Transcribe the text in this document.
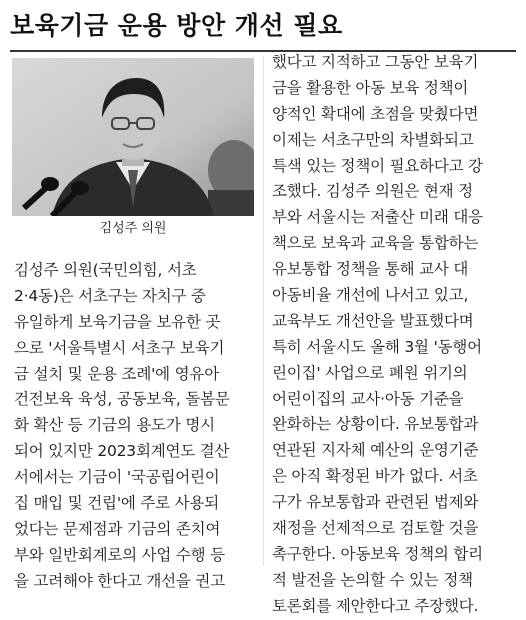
보육기금 운용 방안 개선 필요
김성주 의원
김성주 의원(국민의힘, 서초
2·4동)은 서초구는 자치구 중
유일하게 보육기금을 보유한 곳
으로 '서울특별시 서초구 보육기
금 설치 및 운용 조례'에 영유아
건전보육 육성, 공동보육, 돌봄문
화 확산 등 기금의 용도가 명시
되어 있지만 2023회계연도 결산
서에서는 기금이 '국공립어린이
집 매입 및 건립'에 주로 사용되
었다는 문제점과 기금의 존치여
부와 일반회계로의 사업 수행 등
을 고려해야 한다고 개선을 권고
했다고 지적하고 그동안 보육기
금을 활용한 아동 보육 정책이
양적인 확대에 초점을 맞췄다면
이제는 서초구만의 차별화되고
특색 있는 정책이 필요하다고 강
조했다. 김성주 의원은 현재 정
부와 서울시는 저출산 미래 대응
책으로 보육과 교육을 통합하는
유보통합 정책을 통해 교사 대
아동비율 개선에 나서고 있고,
교육부도 개선안을 발표했다며
특히 서울시도 올해 3월 '동행어
린이집' 사업으로 폐원 위기의
어린이집의 교사·아동 기준을
완화하는 상황이다. 유보통합과
연관된 지자체 예산의 운영기준
은 아직 확정된 바가 없다. 서초
구가 유보통합과 관련된 법제와
재정을 선제적으로 검토할 것을
촉구한다. 아동보육 정책의 합리
적 발전을 논의할 수 있는 정책
토론회를 제안한다고 주장했다.
